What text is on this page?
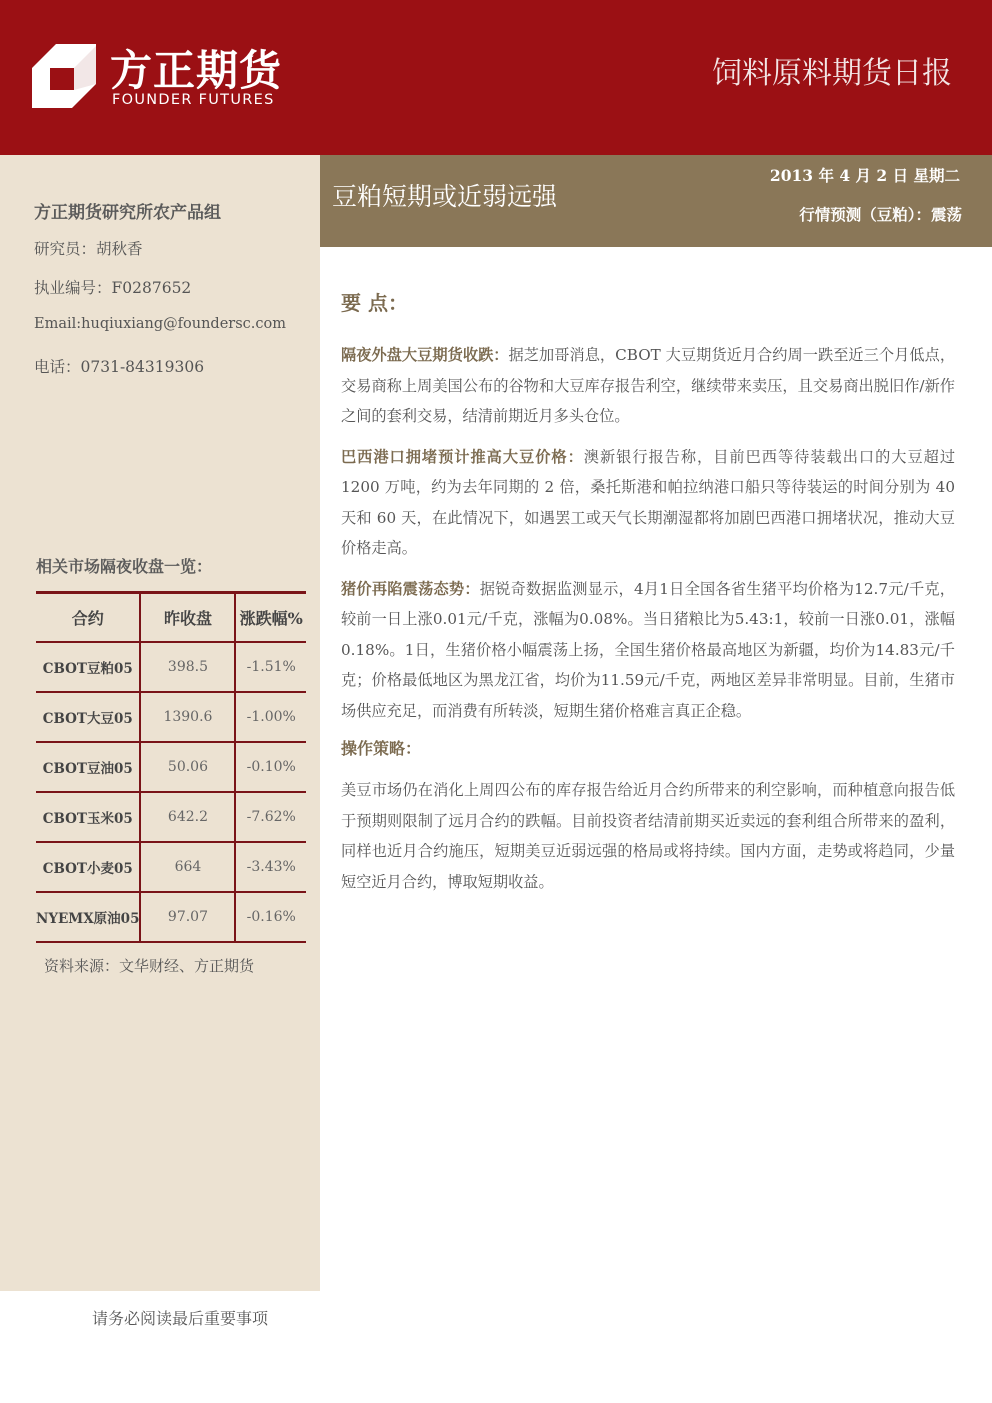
方正期货
FOUNDER FUTURES
饲料原料期货日报
方正期货研究所农产品组
研究员：胡秋香
执业编号：F0287652
Email:huqiuxiang@foundersc.com
电话：0731-84319306
相关市场隔夜收盘一览：
合约	昨收盘	涨跌幅%
CBOT豆粕05	398.5	-1.51%
CBOT大豆05	1390.6	-1.00%
CBOT豆油05	50.06	-0.10%
CBOT玉米05	642.2	-7.62%
CBOT小麦05	664	-3.43%
NYEMX原油05	97.07	-0.16%
资料来源：文华财经、方正期货
豆粕短期或近弱远强
2013 年 4 月 2 日 星期二
行情预测（豆粕）：震荡
要 点：

隔夜外盘大豆期货收跌：据芝加哥消息，CBOT 大豆期货近月合约周一跌至近三个月低点，交易商称上周美国公布的谷物和大豆库存报告利空，继续带来卖压，且交易商出脱旧作/新作之间的套利交易，结清前期近月多头仓位。

巴西港口拥堵预计推高大豆价格：澳新银行报告称，目前巴西等待装载出口的大豆超过 1200 万吨，约为去年同期的 2 倍，桑托斯港和帕拉纳港口船只等待装运的时间分别为 40 天和 60 天，在此情况下，如遇罢工或天气长期潮湿都将加剧巴西港口拥堵状况，推动大豆价格走高。

猪价再陷震荡态势：据锐奇数据监测显示，4月1日全国各省生猪平均价格为12.7元/千克，较前一日上涨0.01元/千克，涨幅为0.08%。当日猪粮比为5.43:1，较前一日涨0.01，涨幅0.18%。1日，生猪价格小幅震荡上扬，全国生猪价格最高地区为新疆，均价为14.83元/千克；价格最低地区为黑龙江省，均价为11.59元/千克，两地区差异非常明显。目前，生猪市场供应充足，而消费有所转淡，短期生猪价格难言真正企稳。

操作策略：

美豆市场仍在消化上周四公布的库存报告给近月合约所带来的利空影响，而种植意向报告低于预期则限制了远月合约的跌幅。目前投资者结清前期买近卖远的套利组合所带来的盈利，同样也近月合约施压，短期美豆近弱远强的格局或将持续。国内方面，走势或将趋同，少量短空近月合约，博取短期收益。

请务必阅读最后重要事项
